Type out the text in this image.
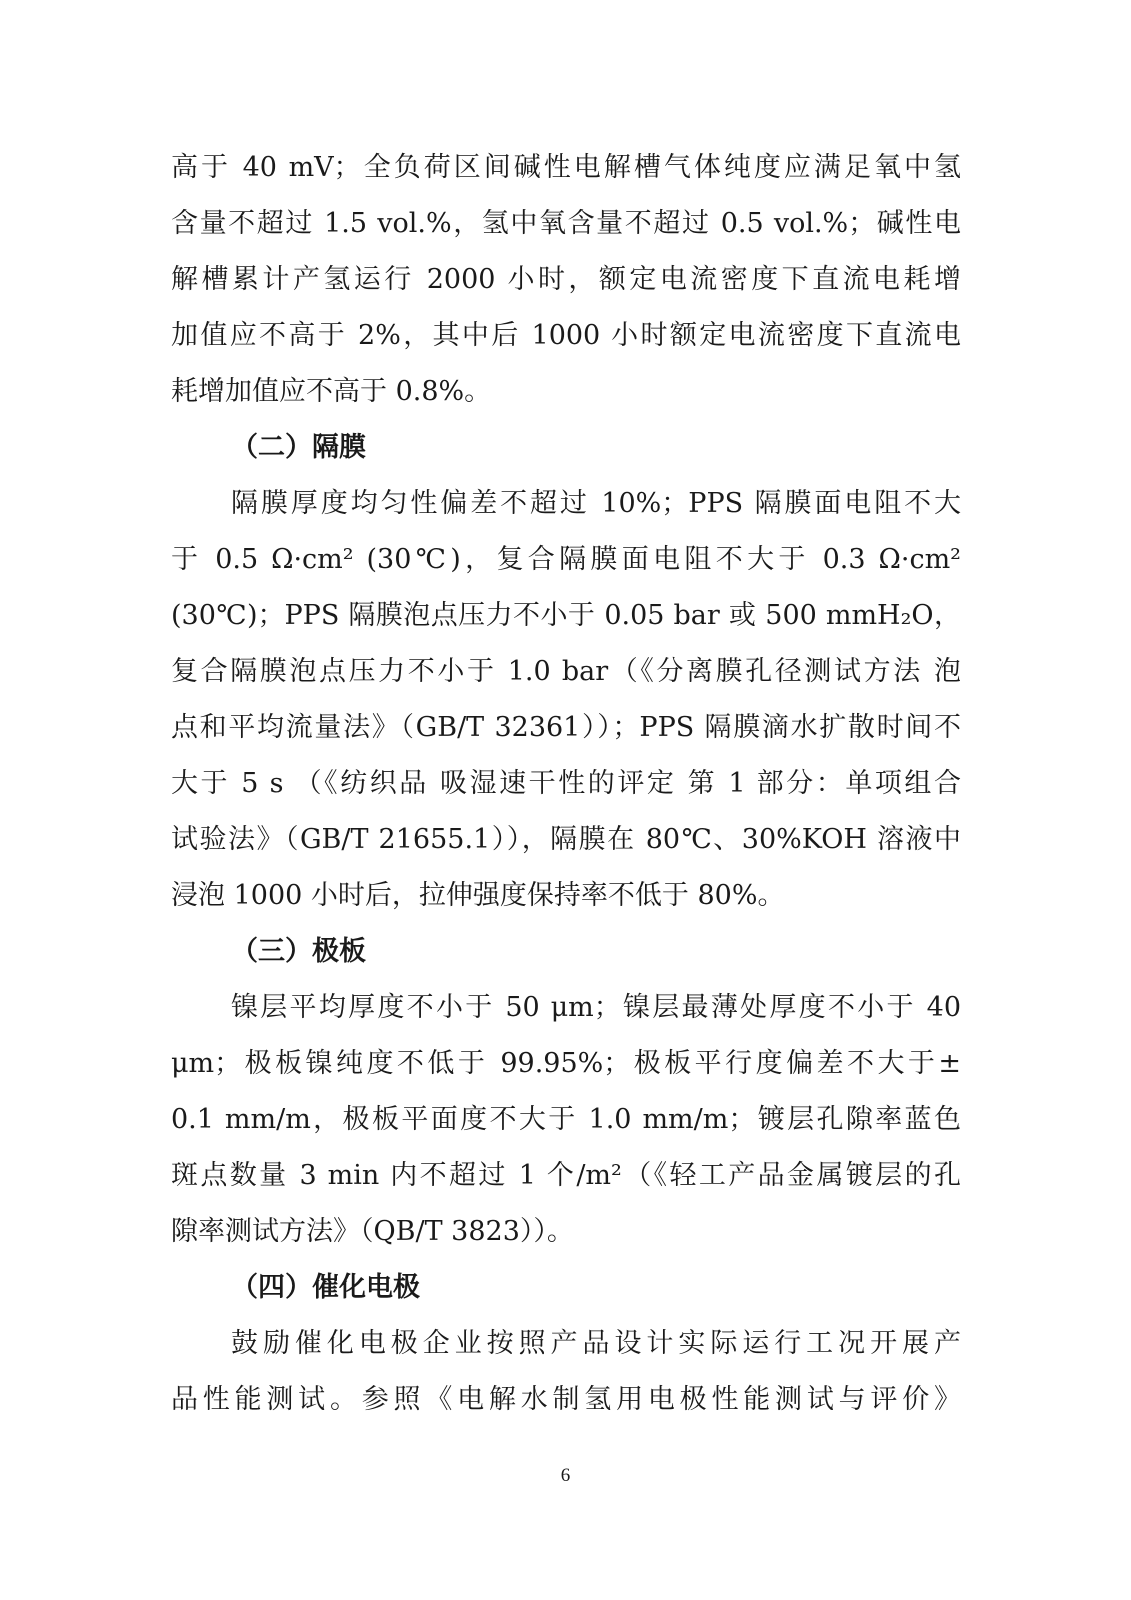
高于 40 mV；全负荷区间碱性电解槽气体纯度应满足氧中氢
含量不超过 1.5 vol.%，氢中氧含量不超过 0.5 vol.%；碱性电
解槽累计产氢运行 2000 小时，额定电流密度下直流电耗增
加值应不高于 2%，其中后 1000 小时额定电流密度下直流电
耗增加值应不高于 0.8%。
（二）隔膜
隔膜厚度均匀性偏差不超过 10%；PPS 隔膜面电阻不大
于 0.5 Ω·cm² (30℃)，复合隔膜面电阻不大于 0.3 Ω·cm²
(30℃)；PPS 隔膜泡点压力不小于 0.05 bar 或 500 mmH₂O，
复合隔膜泡点压力不小于 1.0 bar（《分离膜孔径测试方法 泡
点和平均流量法》（GB/T 32361））；PPS 隔膜滴水扩散时间不
大于 5 s （《纺织品 吸湿速干性的评定 第 1 部分：单项组合
试验法》（GB/T 21655.1）），隔膜在 80℃、30%KOH 溶液中
浸泡 1000 小时后，拉伸强度保持率不低于 80%。
（三）极板
镍层平均厚度不小于 50 μm；镍层最薄处厚度不小于 40
μm；极板镍纯度不低于 99.95%；极板平行度偏差不大于±
0.1 mm/m，极板平面度不大于 1.0 mm/m；镀层孔隙率蓝色
斑点数量 3 min 内不超过 1 个/m²（《轻工产品金属镀层的孔
隙率测试方法》（QB/T 3823））。
（四）催化电极
鼓励催化电极企业按照产品设计实际运行工况开展产
品性能测试。参照《电解水制氢用电极性能测试与评价》
6
